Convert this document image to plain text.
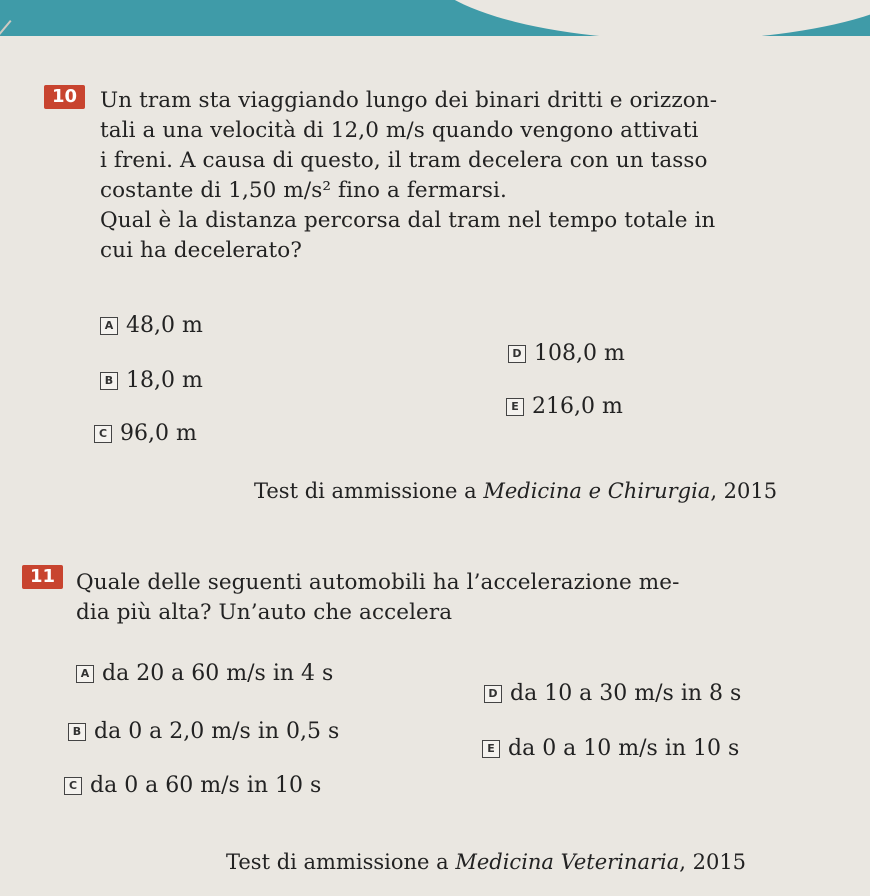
10	Un tram sta viaggiando lungo dei binari dritti e orizzon-
tali a una velocità di 12,0 m/s quando vengono attivati
i freni. A causa di questo, il tram decelera con un tasso
costante di 1,50 m/s² fino a fermarsi.
Qual è la distanza percorsa dal tram nel tempo totale in
cui ha decelerato?
A 48,0 m
B 18,0 m
C 96,0 m
D 108,0 m
E 216,0 m
Test di ammissione a Medicina e Chirurgia, 2015
11 Quale delle seguenti automobili ha l’accelerazione me-
dia più alta? Un’auto che accelera
A da 20 a 60 m/s in 4 s
B da 0 a 2,0 m/s in 0,5 s
C da 0 a 60 m/s in 10 s
D da 10 a 30 m/s in 8 s
E da 0 a 10 m/s in 10 s
Test di ammissione a Medicina Veterinaria, 2015
